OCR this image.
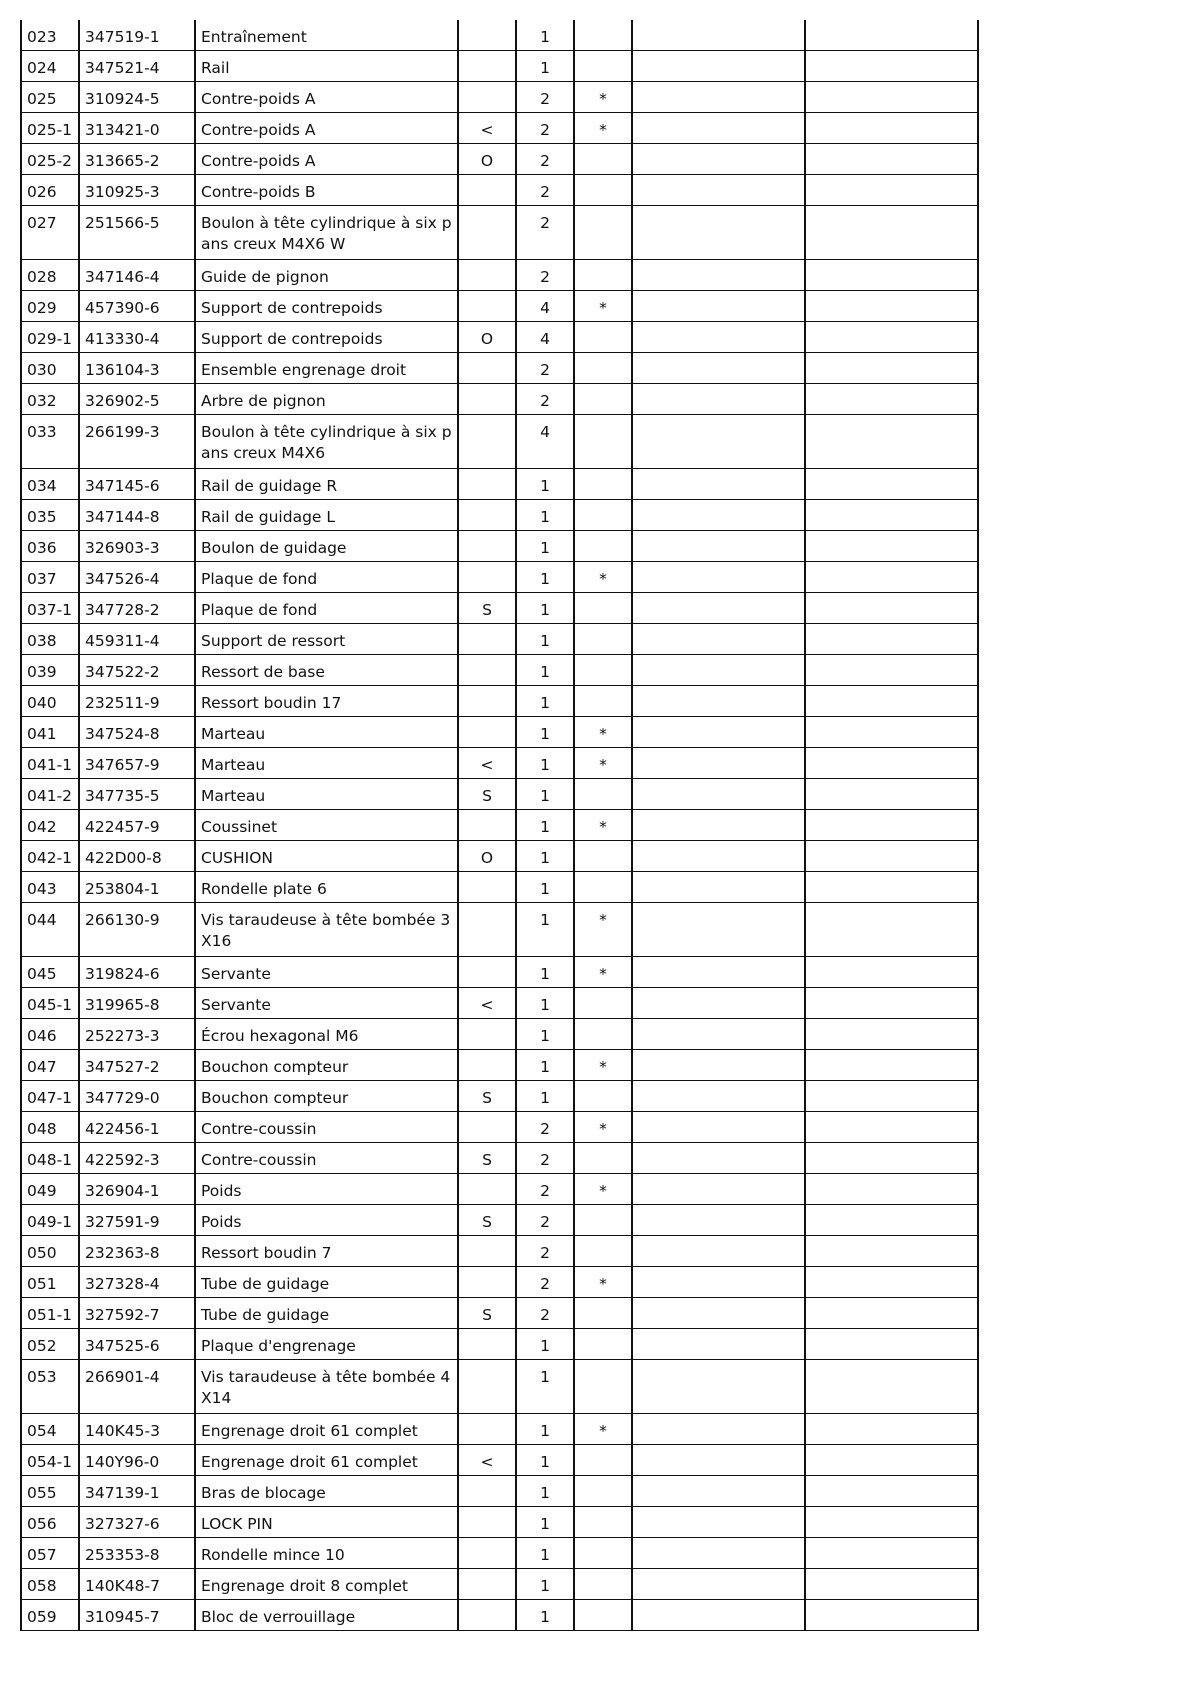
023	347519-1	Entraînement		1			
024	347521-4	Rail		1			
025	310924-5	Contre-poids A		2	*		
025-1	313421-0	Contre-poids A	<	2	*		
025-2	313665-2	Contre-poids A	O	2			
026	310925-3	Contre-poids B		2			
027	251566-5	Boulon à tête cylindrique à six pans creux M4X6 W		2			
028	347146-4	Guide de pignon		2			
029	457390-6	Support de contrepoids		4	*		
029-1	413330-4	Support de contrepoids	O	4			
030	136104-3	Ensemble engrenage droit		2			
032	326902-5	Arbre de pignon		2			
033	266199-3	Boulon à tête cylindrique à six pans creux M4X6		4			
034	347145-6	Rail de guidage R		1			
035	347144-8	Rail de guidage L		1			
036	326903-3	Boulon de guidage		1			
037	347526-4	Plaque de fond		1	*		
037-1	347728-2	Plaque de fond	S	1			
038	459311-4	Support de ressort		1			
039	347522-2	Ressort de base		1			
040	232511-9	Ressort boudin 17		1			
041	347524-8	Marteau		1	*		
041-1	347657-9	Marteau	<	1	*		
041-2	347735-5	Marteau	S	1			
042	422457-9	Coussinet		1	*		
042-1	422D00-8	CUSHION	O	1			
043	253804-1	Rondelle plate 6		1			
044	266130-9	Vis taraudeuse à tête bombée 3X16		1	*		
045	319824-6	Servante		1	*		
045-1	319965-8	Servante	<	1			
046	252273-3	Écrou hexagonal M6		1			
047	347527-2	Bouchon compteur		1	*		
047-1	347729-0	Bouchon compteur	S	1			
048	422456-1	Contre-coussin		2	*		
048-1	422592-3	Contre-coussin	S	2			
049	326904-1	Poids		2	*		
049-1	327591-9	Poids	S	2			
050	232363-8	Ressort boudin 7		2			
051	327328-4	Tube de guidage		2	*		
051-1	327592-7	Tube de guidage	S	2			
052	347525-6	Plaque d'engrenage		1			
053	266901-4	Vis taraudeuse à tête bombée 4X14		1			
054	140K45-3	Engrenage droit 61 complet		1	*		
054-1	140Y96-0	Engrenage droit 61 complet	<	1			
055	347139-1	Bras de blocage		1			
056	327327-6	LOCK PIN		1			
057	253353-8	Rondelle mince 10		1			
058	140K48-7	Engrenage droit 8 complet		1			
059	310945-7	Bloc de verrouillage		1			
